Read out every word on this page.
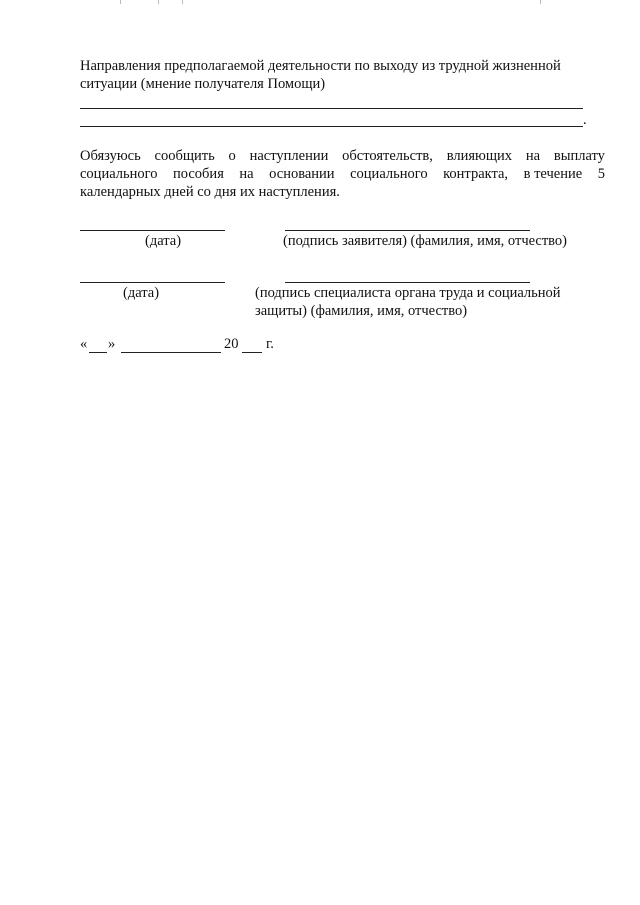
Направления предполагаемой деятельности по выходу из трудной жизненной
ситуации (мнение получателя Помощи)
.
Обязуюсь сообщить о наступлении обстоятельств, влияющих на выплату
социального пособия на основании социального контракта, в течение 5
календарных дней со дня их наступления.
(дата)	(подпись заявителя) (фамилия, имя, отчество)
(дата)	(подпись специалиста органа труда и социальной
защиты) (фамилия, имя, отчество)
« »	20 г.
